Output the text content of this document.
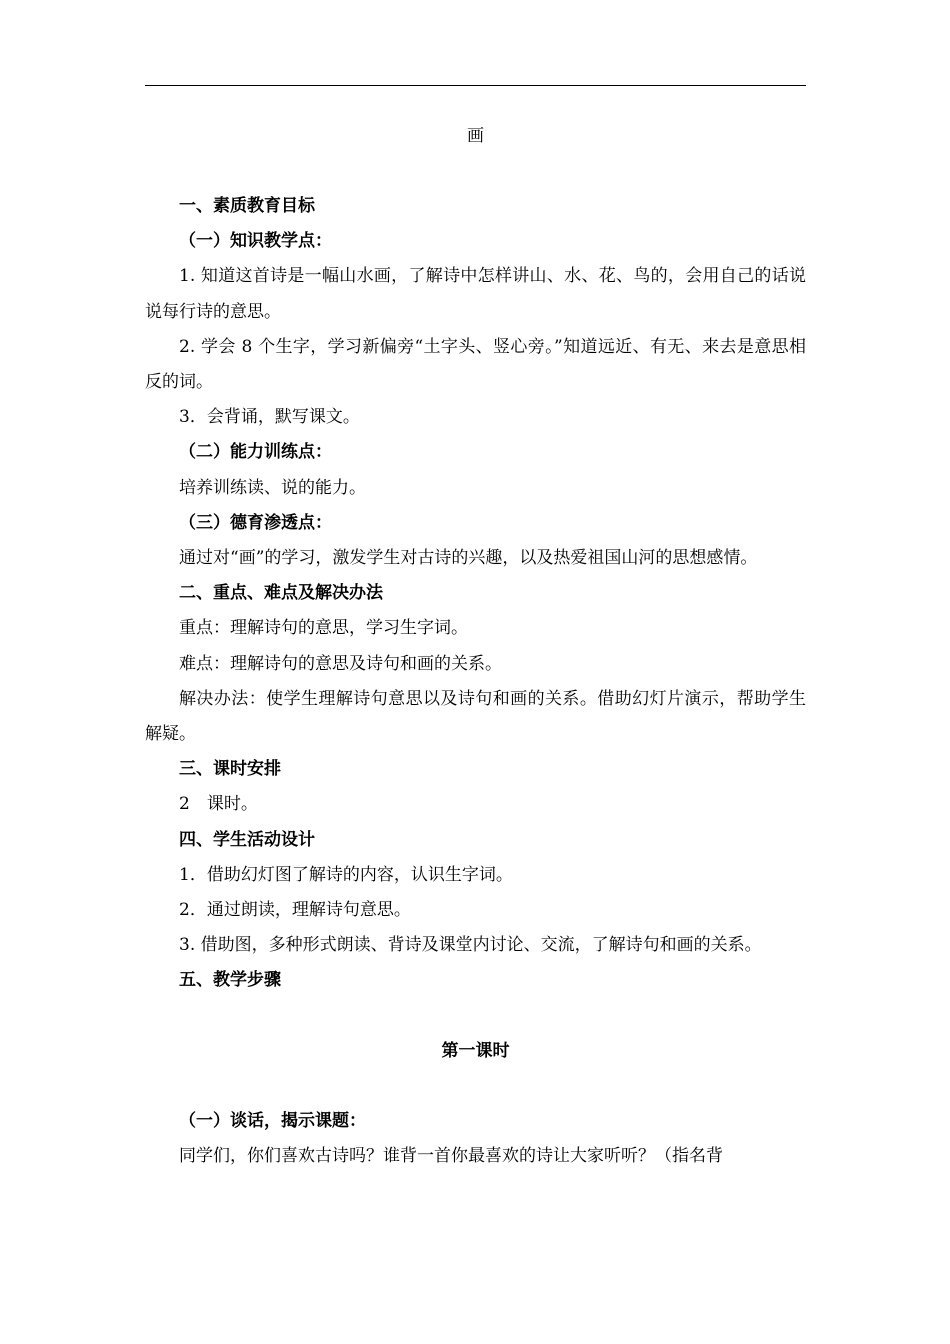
画
一、素质教育目标
（一）知识教学点：
1. 知道这首诗是一幅山水画，了解诗中怎样讲山、水、花、鸟的，会用自己的话说说每行诗的意思。
2. 学会 8 个生字，学习新偏旁“土字头、竖心旁。”知道远近、有无、来去是意思相反的词。
3．会背诵，默写课文。
（二）能力训练点：
培养训练读、说的能力。
（三）德育渗透点：
通过对“画”的学习，激发学生对古诗的兴趣，以及热爱祖国山河的思想感情。
二、重点、难点及解决办法
重点：理解诗句的意思，学习生字词。
难点：理解诗句的意思及诗句和画的关系。
解决办法：使学生理解诗句意思以及诗句和画的关系。借助幻灯片演示，帮助学生解疑。
三、课时安排
2　课时。
四、学生活动设计
1．借助幻灯图了解诗的内容，认识生字词。
2．通过朗读，理解诗句意思。
3. 借助图，多种形式朗读、背诗及课堂内讨论、交流，了解诗句和画的关系。
五、教学步骤
第一课时
（一）谈话，揭示课题：
同学们，你们喜欢古诗吗？谁背一首你最喜欢的诗让大家听听？（指名背
